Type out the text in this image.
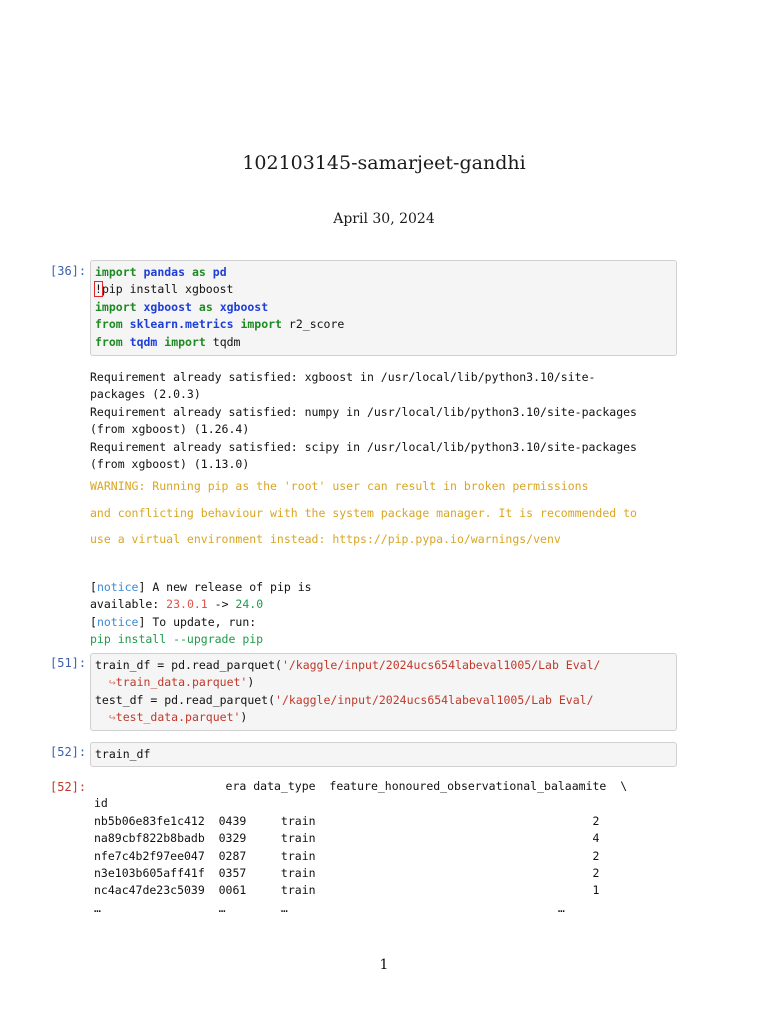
102103145-samarjeet-gandhi
April 30, 2024
[36]: import pandas as pd
!pip install xgboost
import xgboost as xgboost
from sklearn.metrics import r2_score
from tqdm import tqdm
Requirement already satisfied: xgboost in /usr/local/lib/python3.10/site-
packages (2.0.3)
Requirement already satisfied: numpy in /usr/local/lib/python3.10/site-packages
(from xgboost) (1.26.4)
Requirement already satisfied: scipy in /usr/local/lib/python3.10/site-packages
(from xgboost) (1.13.0)
WARNING: Running pip as the 'root' user can result in broken permissions
and conflicting behaviour with the system package manager. It is recommended to
use a virtual environment instead: https://pip.pypa.io/warnings/venv
[notice] A new release of pip is
available: 23.0.1 -> 24.0
[notice] To update, run:
pip install --upgrade pip
[51]: train_df = pd.read_parquet('/kaggle/input/2024ucs654labeval1005/Lab Eval/
↪train_data.parquet')
test_df = pd.read_parquet('/kaggle/input/2024ucs654labeval1005/Lab Eval/
↪test_data.parquet')
[52]: train_df
[52]: era data_type  feature_honoured_observational_balaamite  \
id
nb5b06e83fe1c412  0439     train                                        2
na89cbf822b8badb  0329     train                                        4
nfe7c4b2f97ee047  0287     train                                        2
n3e103b605aff41f  0357     train                                        2
nc4ac47de23c5039  0061     train                                        1
…                 …        …                                       …
1
